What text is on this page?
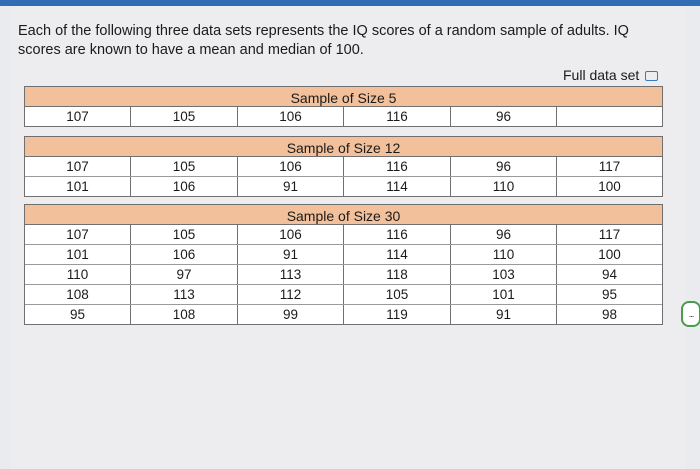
Each of the following three data sets represents the IQ scores of a random sample of adults. IQ scores are known to have a mean and median of 100.
Full data set
Sample of Size 5
107	105	106	116	96
Sample of Size 12
107	105	106	116	96	117
101	106	91	114	110	100
Sample of Size 30
107	105	106	116	96	117
101	106	91	114	110	100
110	97	113	118	103	94
108	113	112	105	101	95
95	108	99	119	91	98	...
